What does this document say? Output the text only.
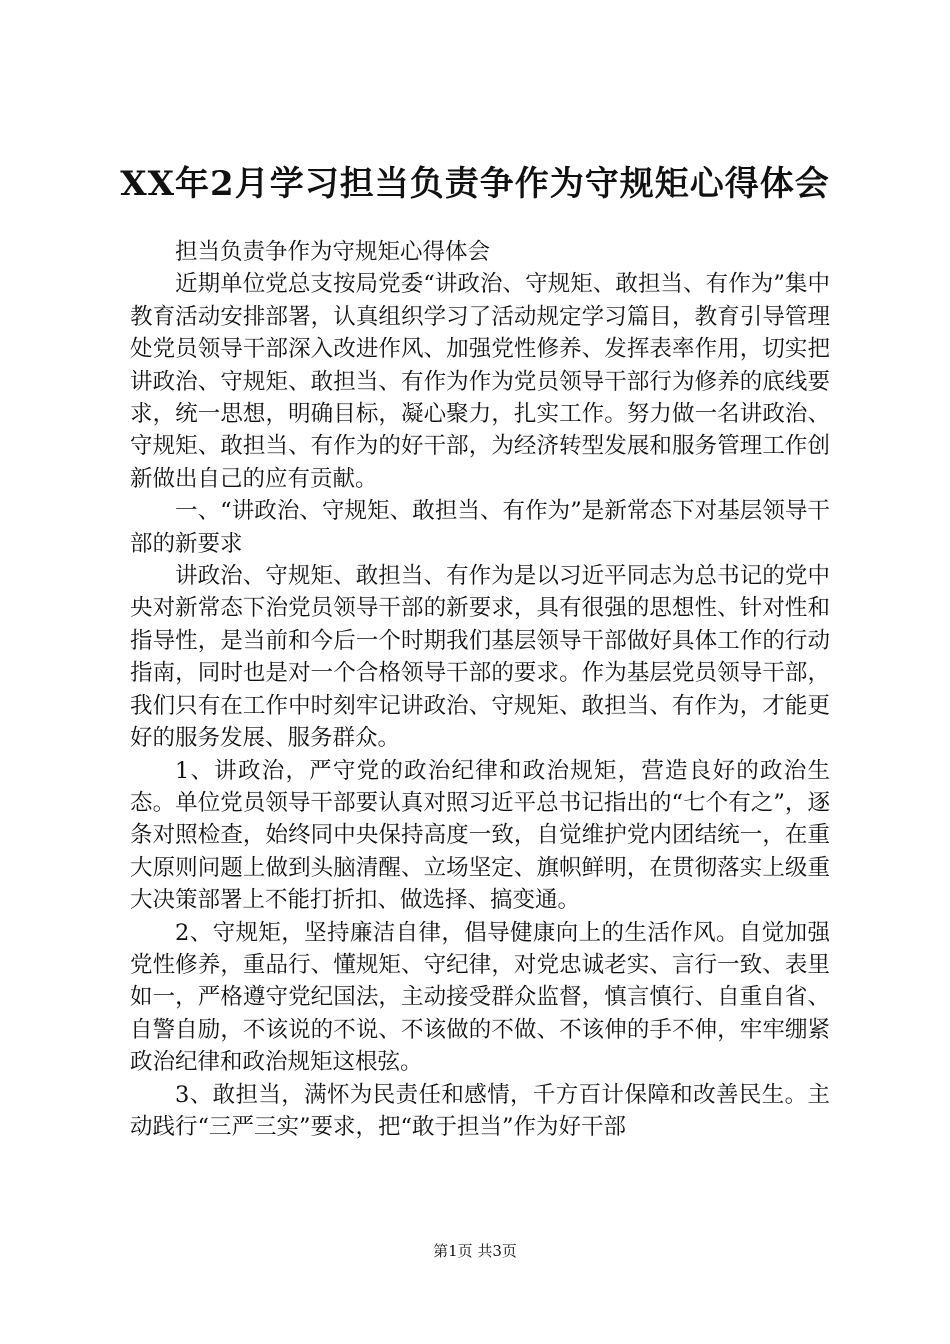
XX年2月学习担当负责争作为守规矩心得体会

担当负责争作为守规矩心得体会

近期单位党总支按局党委“讲政治、守规矩、敢担当、有作为”集中教育活动安排部署，认真组织学习了活动规定学习篇目，教育引导管理处党员领导干部深入改进作风、加强党性修养、发挥表率作用，切实把讲政治、守规矩、敢担当、有作为作为党员领导干部行为修养的底线要求，统一思想，明确目标，凝心聚力，扎实工作。努力做一名讲政治、守规矩、敢担当、有作为的好干部，为经济转型发展和服务管理工作创新做出自己的应有贡献。

一、“讲政治、守规矩、敢担当、有作为”是新常态下对基层领导干部的新要求

讲政治、守规矩、敢担当、有作为是以习近平同志为总书记的党中央对新常态下治党员领导干部的新要求，具有很强的思想性、针对性和指导性，是当前和今后一个时期我们基层领导干部做好具体工作的行动指南，同时也是对一个合格领导干部的要求。作为基层党员领导干部，我们只有在工作中时刻牢记讲政治、守规矩、敢担当、有作为，才能更好的服务发展、服务群众。

1、讲政治，严守党的政治纪律和政治规矩，营造良好的政治生态。单位党员领导干部要认真对照习近平总书记指出的“七个有之”，逐条对照检查，始终同中央保持高度一致，自觉维护党内团结统一，在重大原则问题上做到头脑清醒、立场坚定、旗帜鲜明，在贯彻落实上级重大决策部署上不能打折扣、做选择、搞变通。

2、守规矩，坚持廉洁自律，倡导健康向上的生活作风。自觉加强党性修养，重品行、懂规矩、守纪律，对党忠诚老实、言行一致、表里如一，严格遵守党纪国法，主动接受群众监督，慎言慎行、自重自省、自警自励，不该说的不说、不该做的不做、不该伸的手不伸，牢牢绷紧政治纪律和政治规矩这根弦。

3、敢担当，满怀为民责任和感情，千方百计保障和改善民生。主动践行“三严三实”要求，把“敢于担当”作为好干部

第1页 共3页
